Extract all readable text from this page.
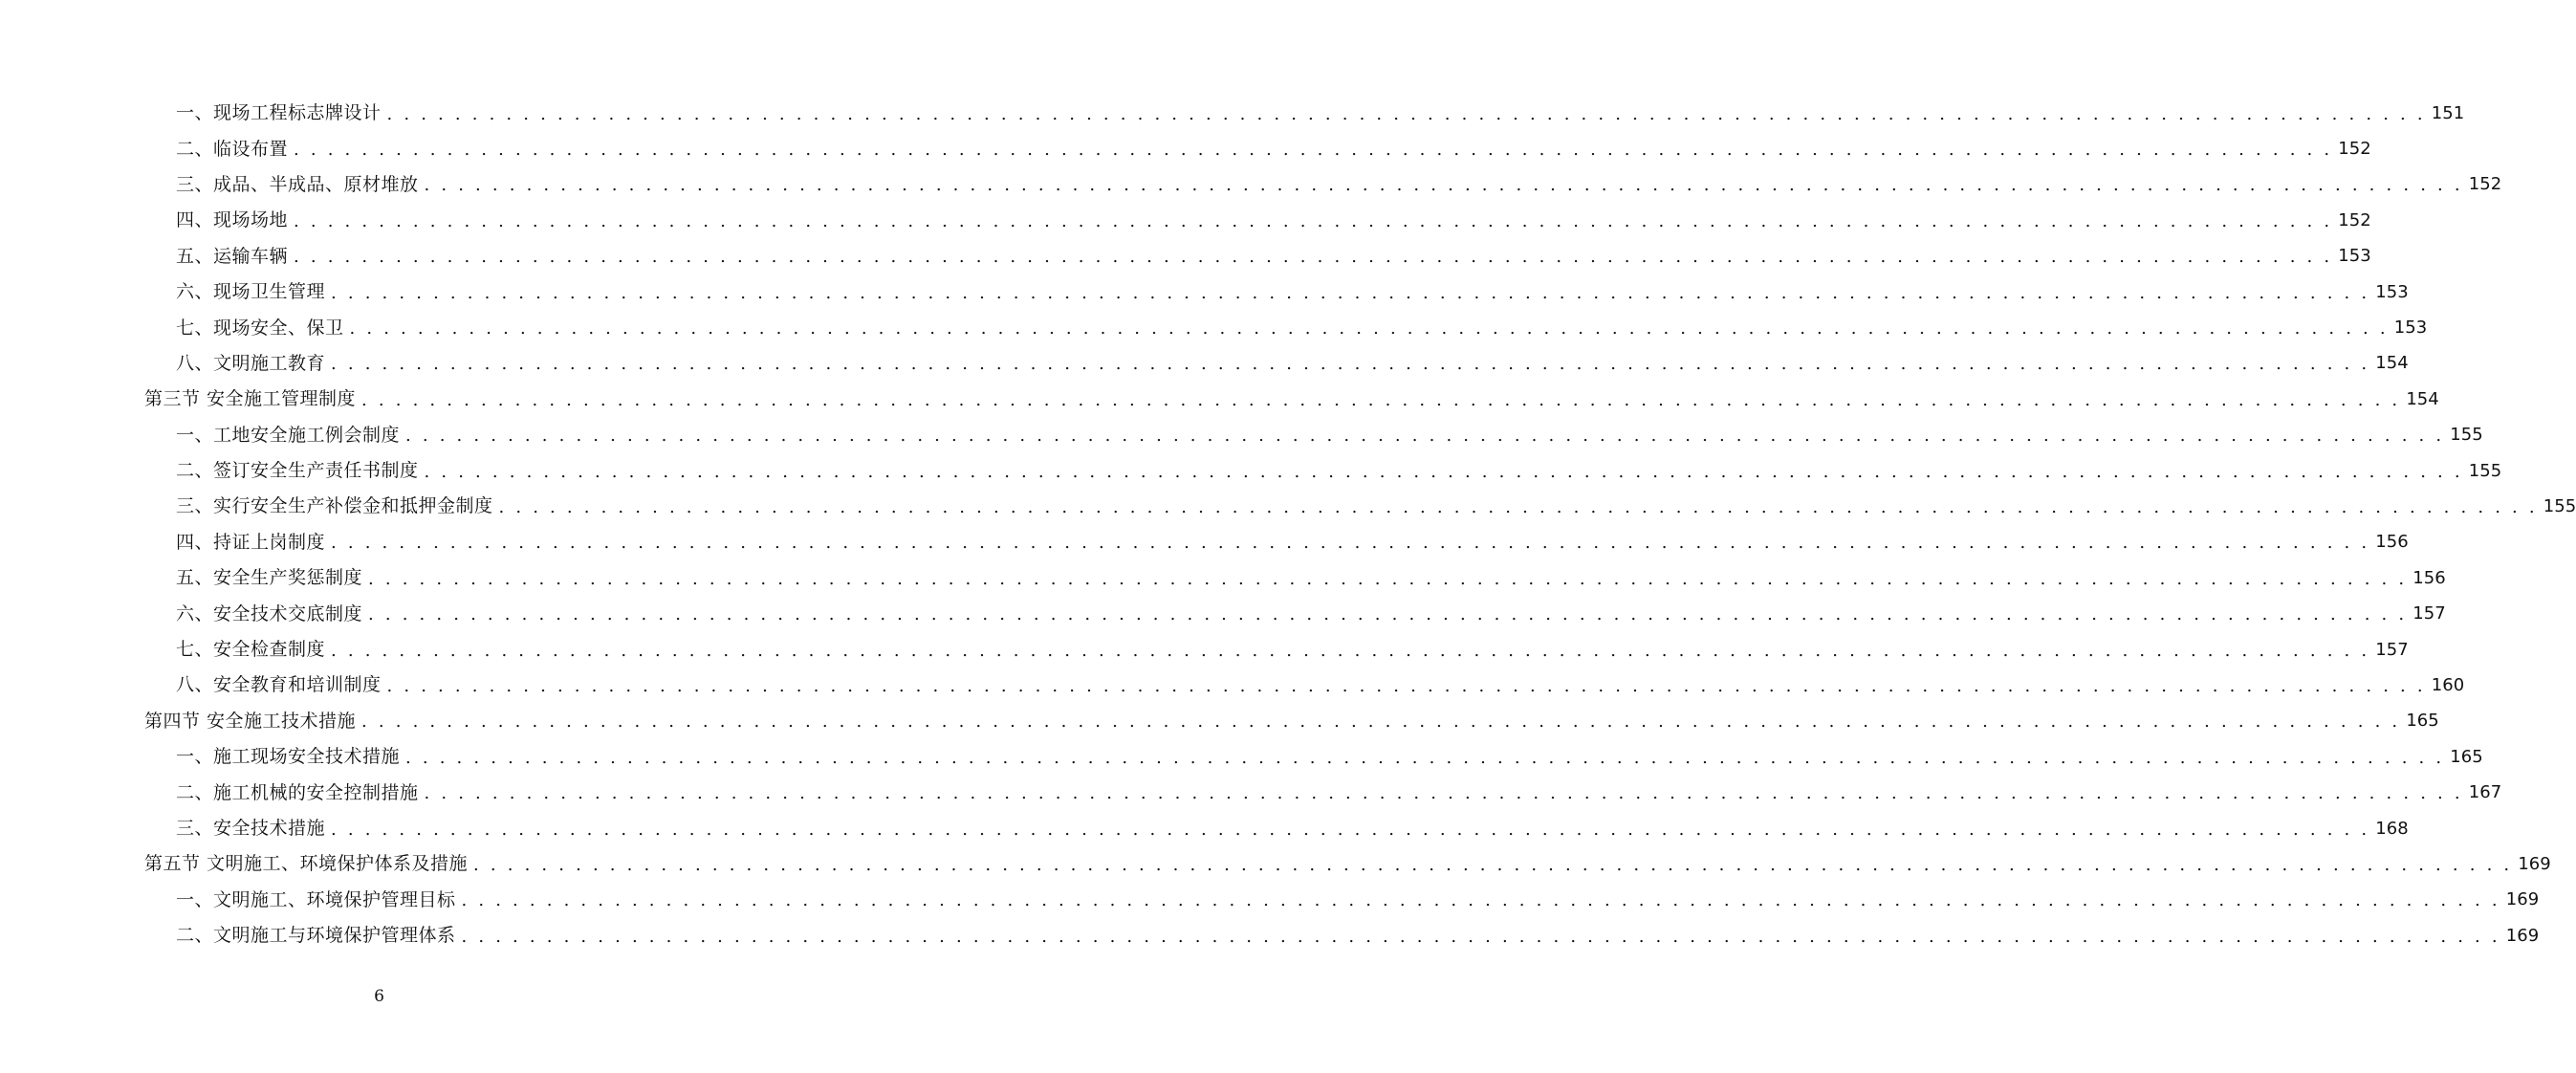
一、现场工程标志牌设计 . . . . . . . . . . . . . . . . . . . . . . . . . . . . . . . . . . . . . . . . . . . . . . . . . . . . . . . . . . . . . . . . . . . . . . . . . . . . . . . . . . . . . . . . . . . . . . . . . . . . . . . . . . . . . . . . . . . . . . . . 151
二、临设布置 . . . . . . . . . . . . . . . . . . . . . . . . . . . . . . . . . . . . . . . . . . . . . . . . . . . . . . . . . . . . . . . . . . . . . . . . . . . . . . . . . . . . . . . . . . . . . . . . . . . . . . . . . . . . . . . . . . . . . . . . 152
三、成品、半成品、原材堆放 . . . . . . . . . . . . . . . . . . . . . . . . . . . . . . . . . . . . . . . . . . . . . . . . . . . . . . . . . . . . . . . . . . . . . . . . . . . . . . . . . . . . . . . . . . . . . . . . . . . . . . . . . . . . . . . . . . . . . . . . 152
四、现场场地 . . . . . . . . . . . . . . . . . . . . . . . . . . . . . . . . . . . . . . . . . . . . . . . . . . . . . . . . . . . . . . . . . . . . . . . . . . . . . . . . . . . . . . . . . . . . . . . . . . . . . . . . . . . . . . . . . . . . . . . . 152
五、运输车辆 . . . . . . . . . . . . . . . . . . . . . . . . . . . . . . . . . . . . . . . . . . . . . . . . . . . . . . . . . . . . . . . . . . . . . . . . . . . . . . . . . . . . . . . . . . . . . . . . . . . . . . . . . . . . . . . . . . . . . . . . 153
六、现场卫生管理 . . . . . . . . . . . . . . . . . . . . . . . . . . . . . . . . . . . . . . . . . . . . . . . . . . . . . . . . . . . . . . . . . . . . . . . . . . . . . . . . . . . . . . . . . . . . . . . . . . . . . . . . . . . . . . . . . . . . . . . . 153
七、现场安全、保卫 . . . . . . . . . . . . . . . . . . . . . . . . . . . . . . . . . . . . . . . . . . . . . . . . . . . . . . . . . . . . . . . . . . . . . . . . . . . . . . . . . . . . . . . . . . . . . . . . . . . . . . . . . . . . . . . . . . . . . . . . 153
八、文明施工教育 . . . . . . . . . . . . . . . . . . . . . . . . . . . . . . . . . . . . . . . . . . . . . . . . . . . . . . . . . . . . . . . . . . . . . . . . . . . . . . . . . . . . . . . . . . . . . . . . . . . . . . . . . . . . . . . . . . . . . . . . 154
第三节 安全施工管理制度 . . . . . . . . . . . . . . . . . . . . . . . . . . . . . . . . . . . . . . . . . . . . . . . . . . . . . . . . . . . . . . . . . . . . . . . . . . . . . . . . . . . . . . . . . . . . . . . . . . . . . . . . . . . . . . . . . . . . . . . . 154
一、工地安全施工例会制度 . . . . . . . . . . . . . . . . . . . . . . . . . . . . . . . . . . . . . . . . . . . . . . . . . . . . . . . . . . . . . . . . . . . . . . . . . . . . . . . . . . . . . . . . . . . . . . . . . . . . . . . . . . . . . . . . . . . . . . . . 155
二、签订安全生产责任书制度 . . . . . . . . . . . . . . . . . . . . . . . . . . . . . . . . . . . . . . . . . . . . . . . . . . . . . . . . . . . . . . . . . . . . . . . . . . . . . . . . . . . . . . . . . . . . . . . . . . . . . . . . . . . . . . . . . . . . . . . . 155
三、实行安全生产补偿金和抵押金制度 . . . . . . . . . . . . . . . . . . . . . . . . . . . . . . . . . . . . . . . . . . . . . . . . . . . . . . . . . . . . . . . . . . . . . . . . . . . . . . . . . . . . . . . . . . . . . . . . . . . . . . . . . . . . . . . . . . . . . . . . 155
四、持证上岗制度 . . . . . . . . . . . . . . . . . . . . . . . . . . . . . . . . . . . . . . . . . . . . . . . . . . . . . . . . . . . . . . . . . . . . . . . . . . . . . . . . . . . . . . . . . . . . . . . . . . . . . . . . . . . . . . . . . . . . . . . . 156
五、安全生产奖惩制度 . . . . . . . . . . . . . . . . . . . . . . . . . . . . . . . . . . . . . . . . . . . . . . . . . . . . . . . . . . . . . . . . . . . . . . . . . . . . . . . . . . . . . . . . . . . . . . . . . . . . . . . . . . . . . . . . . . . . . . . . 156
六、安全技术交底制度 . . . . . . . . . . . . . . . . . . . . . . . . . . . . . . . . . . . . . . . . . . . . . . . . . . . . . . . . . . . . . . . . . . . . . . . . . . . . . . . . . . . . . . . . . . . . . . . . . . . . . . . . . . . . . . . . . . . . . . . . 157
七、安全检查制度 . . . . . . . . . . . . . . . . . . . . . . . . . . . . . . . . . . . . . . . . . . . . . . . . . . . . . . . . . . . . . . . . . . . . . . . . . . . . . . . . . . . . . . . . . . . . . . . . . . . . . . . . . . . . . . . . . . . . . . . . 157
八、安全教育和培训制度 . . . . . . . . . . . . . . . . . . . . . . . . . . . . . . . . . . . . . . . . . . . . . . . . . . . . . . . . . . . . . . . . . . . . . . . . . . . . . . . . . . . . . . . . . . . . . . . . . . . . . . . . . . . . . . . . . . . . . . . . 160
第四节 安全施工技术措施 . . . . . . . . . . . . . . . . . . . . . . . . . . . . . . . . . . . . . . . . . . . . . . . . . . . . . . . . . . . . . . . . . . . . . . . . . . . . . . . . . . . . . . . . . . . . . . . . . . . . . . . . . . . . . . . . . . . . . . . . 165
一、施工现场安全技术措施 . . . . . . . . . . . . . . . . . . . . . . . . . . . . . . . . . . . . . . . . . . . . . . . . . . . . . . . . . . . . . . . . . . . . . . . . . . . . . . . . . . . . . . . . . . . . . . . . . . . . . . . . . . . . . . . . . . . . . . . . 165
二、施工机械的安全控制措施 . . . . . . . . . . . . . . . . . . . . . . . . . . . . . . . . . . . . . . . . . . . . . . . . . . . . . . . . . . . . . . . . . . . . . . . . . . . . . . . . . . . . . . . . . . . . . . . . . . . . . . . . . . . . . . . . . . . . . . . . 167
三、安全技术措施 . . . . . . . . . . . . . . . . . . . . . . . . . . . . . . . . . . . . . . . . . . . . . . . . . . . . . . . . . . . . . . . . . . . . . . . . . . . . . . . . . . . . . . . . . . . . . . . . . . . . . . . . . . . . . . . . . . . . . . . . 168
第五节 文明施工、环境保护体系及措施 . . . . . . . . . . . . . . . . . . . . . . . . . . . . . . . . . . . . . . . . . . . . . . . . . . . . . . . . . . . . . . . . . . . . . . . . . . . . . . . . . . . . . . . . . . . . . . . . . . . . . . . . . . . . . . . . . . . . . . . . 169
一、文明施工、环境保护管理目标 . . . . . . . . . . . . . . . . . . . . . . . . . . . . . . . . . . . . . . . . . . . . . . . . . . . . . . . . . . . . . . . . . . . . . . . . . . . . . . . . . . . . . . . . . . . . . . . . . . . . . . . . . . . . . . . . . . . . . . . . 169
二、文明施工与环境保护管理体系 . . . . . . . . . . . . . . . . . . . . . . . . . . . . . . . . . . . . . . . . . . . . . . . . . . . . . . . . . . . . . . . . . . . . . . . . . . . . . . . . . . . . . . . . . . . . . . . . . . . . . . . . . . . . . . . . . . . . . . . . 169
6
